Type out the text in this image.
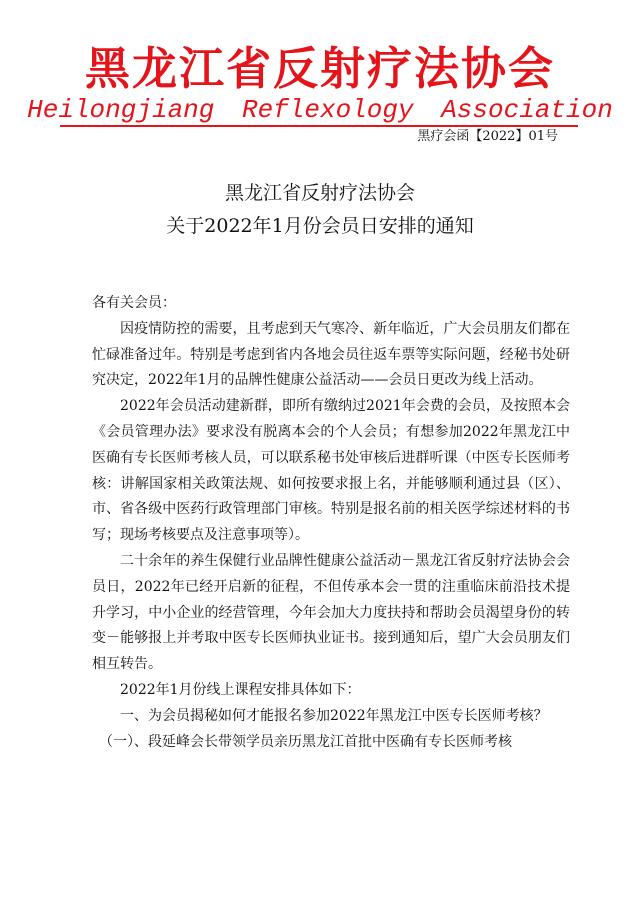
黑龙江省反射疗法协会
Heilongjiang Reflexology Association
黑疗会函【2022】01号
黑龙江省反射疗法协会
关于2022年1月份会员日安排的通知

各有关会员：

因疫情防控的需要，且考虑到天气寒冷、新年临近，广大会员朋友们都在忙碌准备过年。特别是考虑到省内各地会员往返车票等实际问题，经秘书处研究决定，2022年1月的品牌性健康公益活动——会员日更改为线上活动。

2022年会员活动建新群，即所有缴纳过2021年会费的会员，及按照本会《会员管理办法》要求没有脱离本会的个人会员；有想参加2022年黑龙江中医确有专长医师考核人员，可以联系秘书处审核后进群听课（中医专长医师考核：讲解国家相关政策法规、如何按要求报上名，并能够顺利通过县（区）、市、省各级中医药行政管理部门审核。特别是报名前的相关医学综述材料的书写；现场考核要点及注意事项等）。

二十余年的养生保健行业品牌性健康公益活动－黑龙江省反射疗法协会会员日，2022年已经开启新的征程，不但传承本会一贯的注重临床前沿技术提升学习，中小企业的经营管理，今年会加大力度扶持和帮助会员渴望身份的转变－能够报上并考取中医专长医师执业证书。接到通知后，望广大会员朋友们相互转告。

2022年1月份线上课程安排具体如下：

一、为会员揭秘如何才能报名参加2022年黑龙江中医专长医师考核？

（一）、段延峰会长带领学员亲历黑龙江首批中医确有专长医师考核
